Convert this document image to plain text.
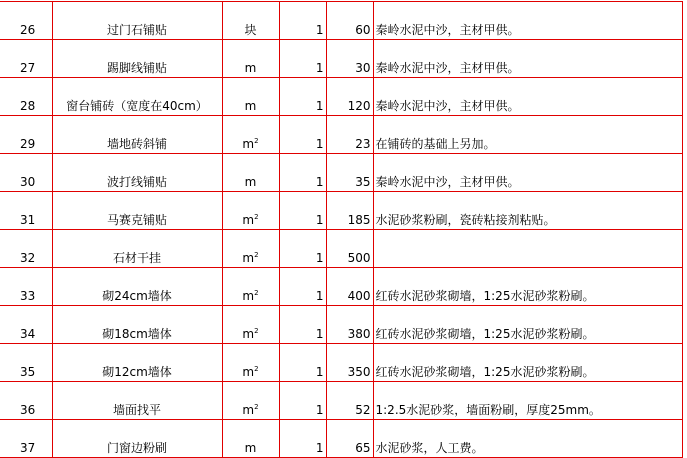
26	过门石铺贴	块	1	60	秦岭水泥中沙，主材甲供。
27	踢脚线铺贴	m	1	30	秦岭水泥中沙，主材甲供。
28	窗台铺砖（宽度在40cm）	m	1	120	秦岭水泥中沙，主材甲供。
29	墙地砖斜铺	$m^2$	1	23	在铺砖的基础上另加。
30	波打线铺贴	m	1	35	秦岭水泥中沙，主材甲供。
31	马赛克铺贴	$m^2$	1	185	水泥砂浆粉刷，瓷砖粘接剂粘贴。
32	石材干挂	$m^2$	1	500	
33	砌24cm墙体	$m^2$	1	400	红砖水泥砂浆砌墙，1:25水泥砂浆粉刷。
34	砌18cm墙体	$m^2$	1	380	红砖水泥砂浆砌墙，1:25水泥砂浆粉刷。
35	砌12cm墙体	$m^2$	1	350	红砖水泥砂浆砌墙，1:25水泥砂浆粉刷。
36	墙面找平	$m^2$	1	52	1:2.5水泥砂浆，墙面粉刷，厚度25mm。
37	门窗边粉刷	m	1	65	水泥砂浆，人工费。
